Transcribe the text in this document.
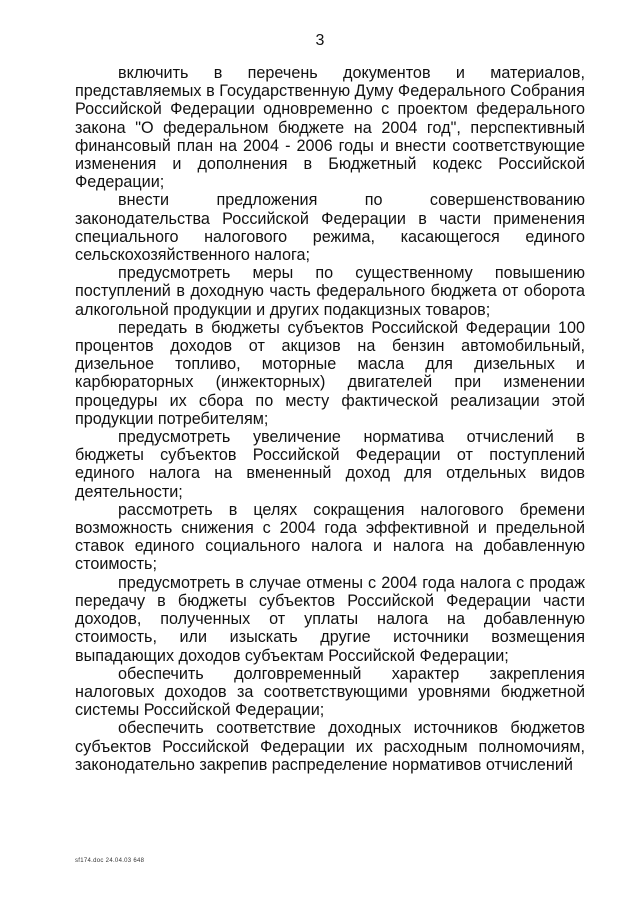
3

включить в перечень документов и материалов, представляемых в Государственную Думу Федерального Собрания Российской Федерации одновременно с проектом федерального закона "О федеральном бюджете на 2004 год", перспективный финансовый план на 2004 - 2006 годы и внести соответствующие изменения и дополнения в Бюджетный кодекс Российской Федерации;

внести предложения по совершенствованию законодательства Российской Федерации в части применения специального налогового режима, касающегося единого сельскохозяйственного налога;

предусмотреть меры по существенному повышению поступлений в доходную часть федерального бюджета от оборота алкогольной продукции и других подакцизных товаров;

передать в бюджеты субъектов Российской Федерации 100 процентов доходов от акцизов на бензин автомобильный, дизельное топливо, моторные масла для дизельных и карбюраторных (инжекторных) двигателей при изменении процедуры их сбора по месту фактической реализации этой продукции потребителям;

предусмотреть увеличение норматива отчислений в бюджеты субъектов Российской Федерации от поступлений единого налога на вмененный доход для отдельных видов деятельности;

рассмотреть в целях сокращения налогового бремени возможность снижения с 2004 года эффективной и предельной ставок единого социального налога и налога на добавленную стоимость;

предусмотреть в случае отмены с 2004 года налога с продаж передачу в бюджеты субъектов Российской Федерации части доходов, полученных от уплаты налога на добавленную стоимость, или изыскать другие источники возмещения выпадающих доходов субъектам Российской Федерации;

обеспечить долговременный характер закрепления налоговых доходов за соответствующими уровнями бюджетной системы Российской Федерации;

обеспечить соответствие доходных источников бюджетов субъектов Российской Федерации их расходным полномочиям, законодательно закрепив распределение нормативов отчислений

sf174.doc 24.04.03 648
